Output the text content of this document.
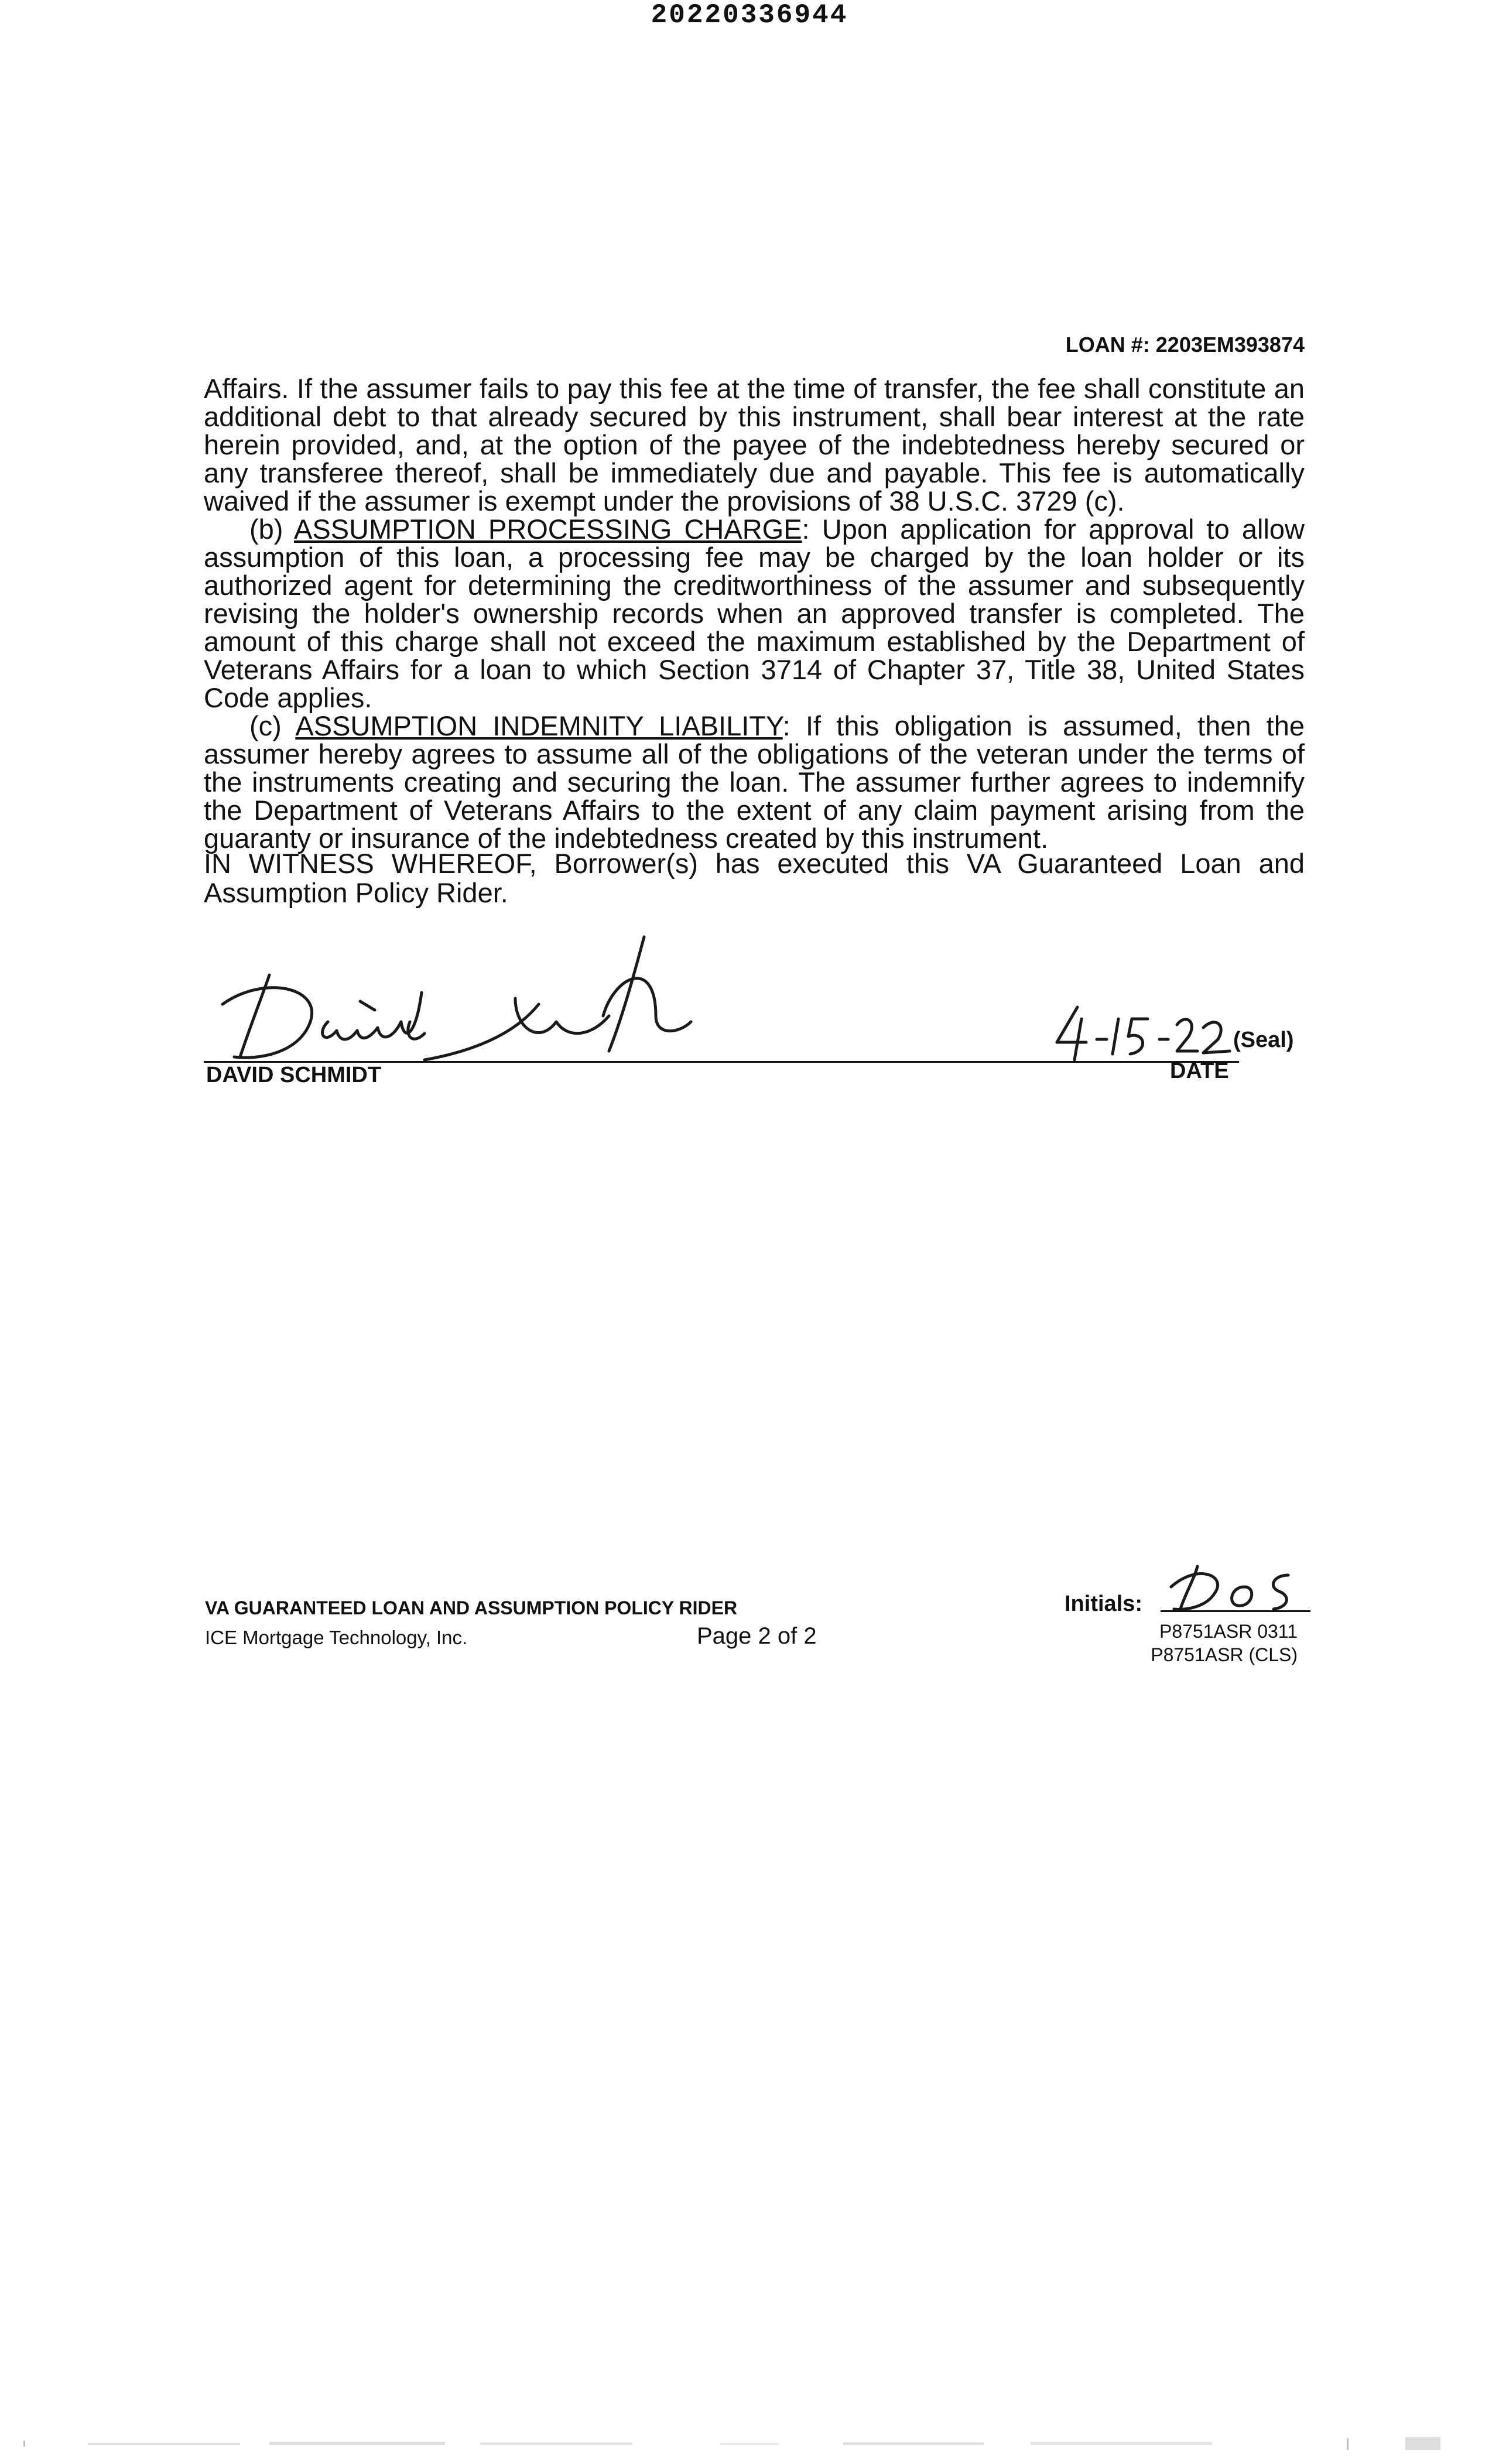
20220336944
LOAN #: 2203EM393874

Affairs. If the assumer fails to pay this fee at the time of transfer, the fee shall constitute an additional debt to that already secured by this instrument, shall bear interest at the rate herein provided, and, at the option of the payee of the indebtedness hereby secured or any transferee thereof, shall be immediately due and payable. This fee is automatically waived if the assumer is exempt under the provisions of 38 U.S.C. 3729 (c).

(b) ASSUMPTION PROCESSING CHARGE: Upon application for approval to allow assumption of this loan, a processing fee may be charged by the loan holder or its authorized agent for determining the creditworthiness of the assumer and subsequently revising the holder's ownership records when an approved transfer is completed. The amount of this charge shall not exceed the maximum established by the Department of Veterans Affairs for a loan to which Section 3714 of Chapter 37, Title 38, United States Code applies.

(c) ASSUMPTION INDEMNITY LIABILITY: If this obligation is assumed, then the assumer hereby agrees to assume all of the obligations of the veteran under the terms of the instruments creating and securing the loan. The assumer further agrees to indemnify the Department of Veterans Affairs to the extent of any claim payment arising from the guaranty or insurance of the indebtedness created by this instrument.

IN WITNESS WHEREOF, Borrower(s) has executed this VA Guaranteed Loan and Assumption Policy Rider.
(Seal)
DAVID SCHMIDT	DATE
VA GUARANTEED LOAN AND ASSUMPTION POLICY RIDER
ICE Mortgage Technology, Inc.	Page 2 of 2
Initials:
P8751ASR 0311
P8751ASR (CLS)
